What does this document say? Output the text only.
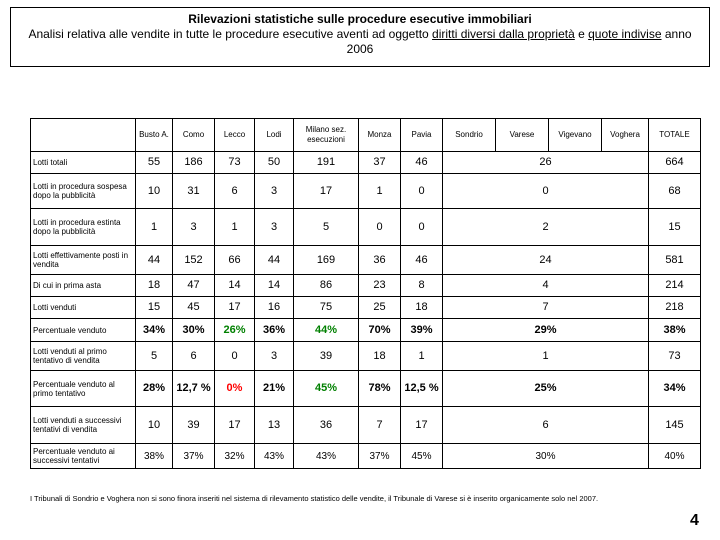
Rilevazioni statistiche sulle procedure esecutive immobiliari
Analisi relativa alle vendite in tutte le procedure esecutive aventi ad oggetto diritti diversi dalla proprietà e quote indivise anno 2006
	Busto A.	Como	Lecco	Lodi	Milano sez. esecuzioni	Monza	Pavia	Sondrio	Varese	Vigevano	Voghera	TOTALE
Lotti totali	55	186	73	50	191	37	46	26				664
Lotti in procedura sospesa dopo la pubblicità	10	31	6	3	17	1	0	0				68
Lotti in procedura estinta dopo la pubblicità	1	3	1	3	5	0	0	2				15
Lotti effettivamente posti in vendita	44	152	66	44	169	36	46	24				581
Di cui in prima asta	18	47	14	14	86	23	8	4				214
Lotti venduti	15	45	17	16	75	25	18	7				218
Percentuale venduto	34%	30%	26%	36%	44%	70%	39%	29%				38%
Lotti venduti al primo tentativo di vendita	5	6	0	3	39	18	1	1				73
Percentuale venduto al primo tentativo	28%	12,7 %	0%	21%	45%	78%	12,5 %	25%				34%
Lotti venduti a successivi tentativi di vendita	10	39	17	13	36	7	17	6				145
Percentuale venduto ai successivi tentativi	38%	37%	32%	43%	43%	37%	45%	30%				40%
I Tribunali di Sondrio e Voghera non si sono finora inseriti nel sistema di rilevamento statistico delle vendite, il Tribunale di Varese si è inserito organicamente solo nel 2007.
4
